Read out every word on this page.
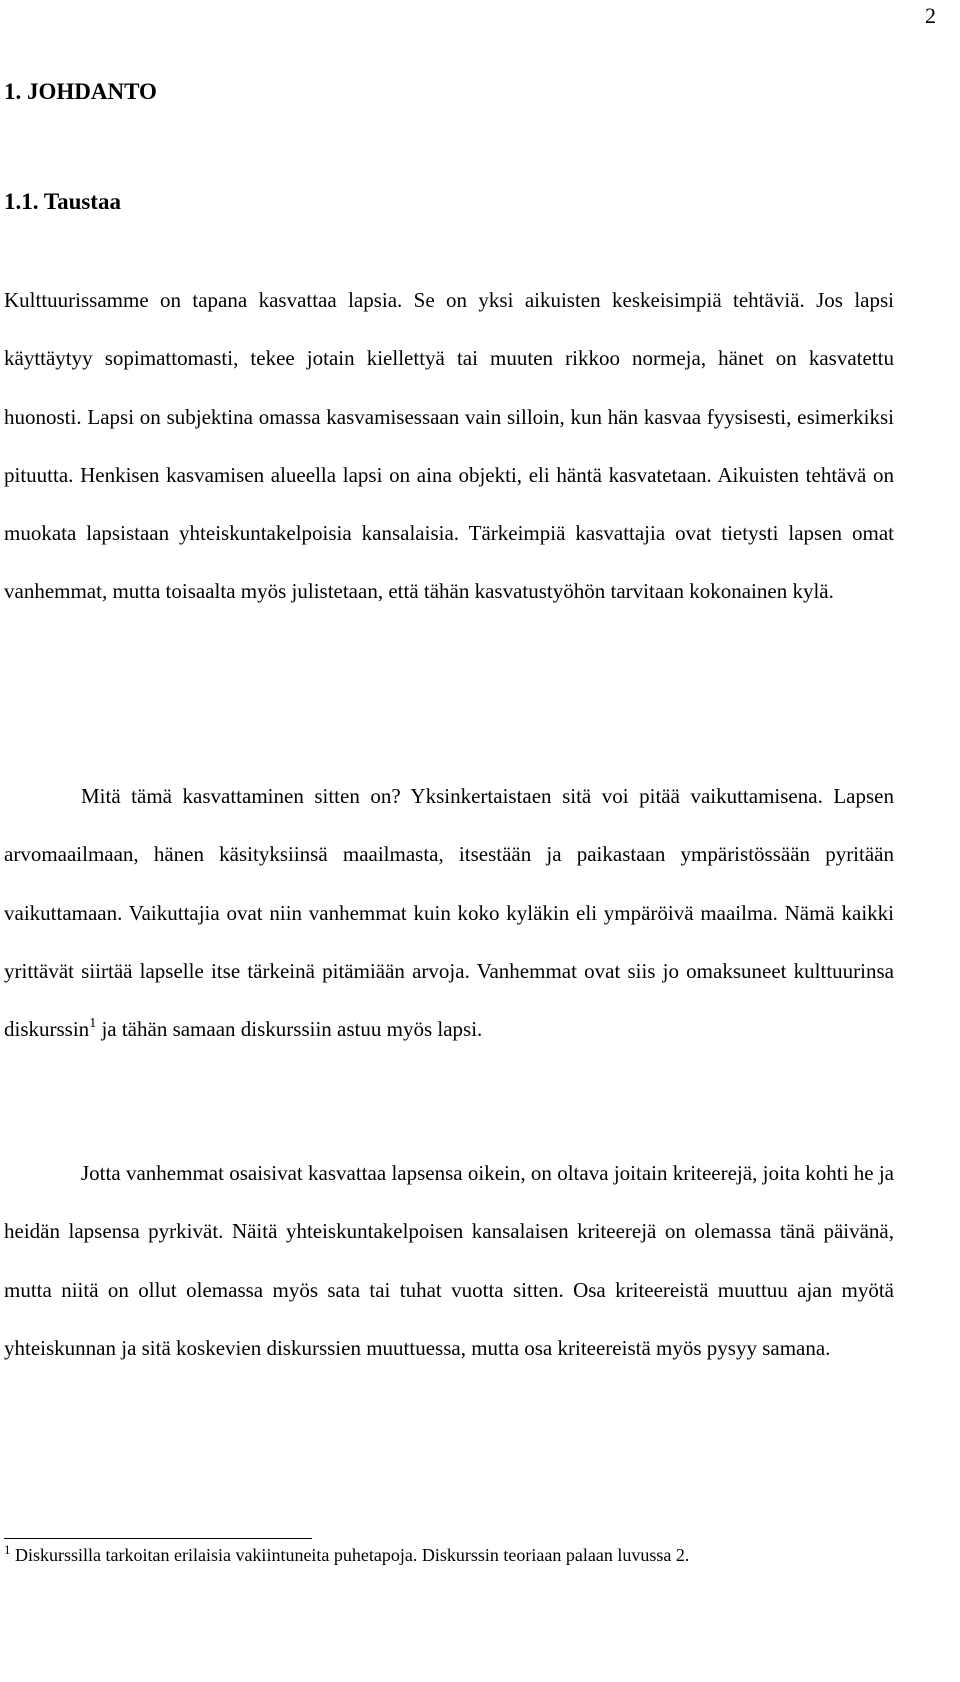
2
1. JOHDANTO
1.1. Taustaa

Kulttuurissamme on tapana kasvattaa lapsia. Se on yksi aikuisten keskeisimpiä tehtäviä. Jos lapsi käyttäytyy sopimattomasti, tekee jotain kiellettyä tai muuten rikkoo normeja, hänet on kasvatettu huonosti. Lapsi on subjektina omassa kasvamisessaan vain silloin, kun hän kasvaa fyysisesti, esimerkiksi pituutta. Henkisen kasvamisen alueella lapsi on aina objekti, eli häntä kasvatetaan. Aikuisten tehtävä on muokata lapsistaan yhteiskuntakelpoisia kansalaisia. Tärkeimpiä kasvattajia ovat tietysti lapsen omat vanhemmat, mutta toisaalta myös julistetaan, että tähän kasvatustyöhön tarvitaan kokonainen kylä.

Mitä tämä kasvattaminen sitten on? Yksinkertaistaen sitä voi pitää vaikuttamisena. Lapsen arvomaailmaan, hänen käsityksiinsä maailmasta, itsestään ja paikastaan ympäristössään pyritään vaikuttamaan. Vaikuttajia ovat niin vanhemmat kuin koko kyläkin eli ympäröivä maailma. Nämä kaikki yrittävät siirtää lapselle itse tärkeinä pitämiään arvoja. Vanhemmat ovat siis jo omaksuneet kulttuurinsa diskurssin$^1$ ja tähän samaan diskurssiin astuu myös lapsi.

Jotta vanhemmat osaisivat kasvattaa lapsensa oikein, on oltava joitain kriteerejä, joita kohti he ja heidän lapsensa pyrkivät. Näitä yhteiskuntakelpoisen kansalaisen kriteerejä on olemassa tänä päivänä, mutta niitä on ollut olemassa myös sata tai tuhat vuotta sitten. Osa kriteereistä muuttuu ajan myötä yhteiskunnan ja sitä koskevien diskurssien muuttuessa, mutta osa kriteereistä myös pysyy samana.

$^1$ Diskurssilla tarkoitan erilaisia vakiintuneita puhetapoja. Diskurssin teoriaan palaan luvussa 2.
